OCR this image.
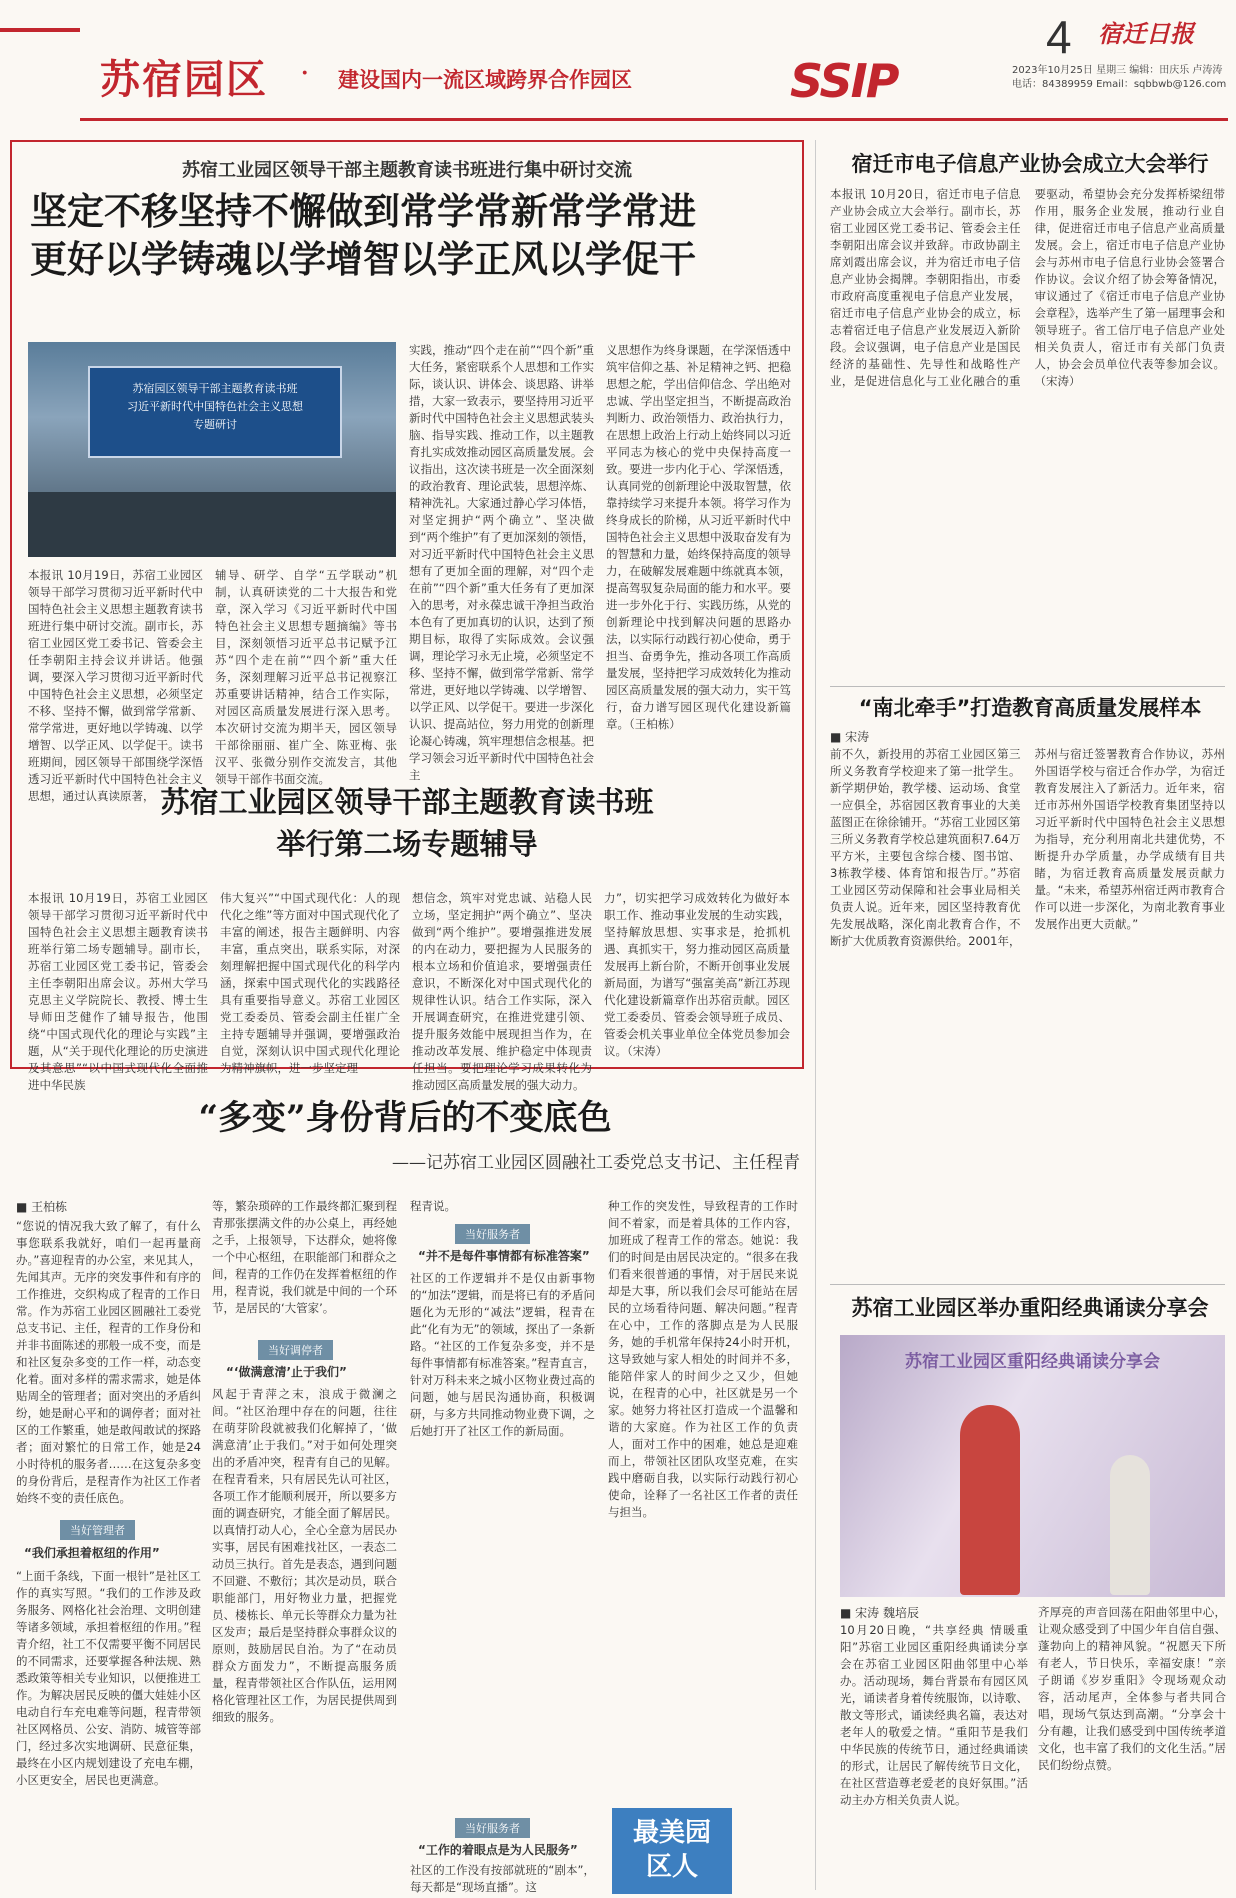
苏宿园区 · 建设国内一流区域跨界合作园区	SSIP
4 宿迁日报
2023年10月25日 星期三 编辑：田庆乐 卢涛涛
电话：84389959 Email：sqbbwb@126.com
苏宿工业园区领导干部主题教育读书班进行集中研讨交流
坚定不移坚持不懈做到常学常新常学常进
更好以学铸魂以学增智以学正风以学促干
苏宿园区领导干部主题教育读书班
习近平新时代中国特色社会主义思想
专题研讨
本报讯 10月19日，苏宿工业园区领导干部学习贯彻习近平新时代中国特色社会主义思想主题教育读书班进行集中研讨交流。副市长，苏宿工业园区党工委书记、管委会主任李朝阳主持会议并讲话。他强调，要深入学习贯彻习近平新时代中国特色社会主义思想，必须坚定不移、坚持不懈，做到常学常新、常学常进，更好地以学铸魂、以学增智、以学正风、以学促干。读书班期间，园区领导干部围绕学深悟透习近平新时代中国特色社会主义思想，通过认真读原著，
辅导、研学、自学“五学联动”机制，认真研读党的二十大报告和党章，深入学习《习近平新时代中国特色社会主义思想专题摘编》等书目，深刻领悟习近平总书记赋予江苏“四个走在前”“四个新”重大任务，深刻理解习近平总书记视察江苏重要讲话精神，结合工作实际，对园区高质量发展进行深入思考。本次研讨交流为期半天，园区领导干部徐丽丽、崔广全、陈亚梅、张汉平、张微分别作交流发言，其他领导干部作书面交流。
实践，推动“四个走在前”“四个新”重大任务，紧密联系个人思想和工作实际，谈认识、讲体会、谈思路、讲举措，大家一致表示，要坚持用习近平新时代中国特色社会主义思想武装头脑、指导实践、推动工作，以主题教育扎实成效推动园区高质量发展。会议指出，这次读书班是一次全面深刻的政治教育、理论武装，思想淬炼、精神洗礼。大家通过静心学习体悟，对坚定拥护“两个确立”、坚决做到“两个维护”有了更加深刻的领悟，对习近平新时代中国特色社会主义思想有了更加全面的理解，对“四个走在前”“四个新”重大任务有了更加深入的思考，对永葆忠诚干净担当政治本色有了更加真切的认识，达到了预期目标，取得了实际成效。会议强调，理论学习永无止境，必须坚定不移、坚持不懈，做到常学常新、常学常进，更好地以学铸魂、以学增智、以学正风、以学促干。要进一步深化认识、提高站位，努力用党的创新理论凝心铸魂，筑牢理想信念根基。把学习领会习近平新时代中国特色社会主
义思想作为终身课题，在学深悟透中筑牢信仰之基、补足精神之钙、把稳思想之舵，学出信仰信念、学出绝对忠诚、学出坚定担当，不断提高政治判断力、政治领悟力、政治执行力，在思想上政治上行动上始终同以习近平同志为核心的党中央保持高度一致。要进一步内化于心、学深悟透，认真同党的创新理论中汲取智慧，依靠持续学习来提升本领。将学习作为终身成长的阶梯，从习近平新时代中国特色社会主义思想中汲取奋发有为的智慧和力量，始终保持高度的领导力，在破解发展难题中练就真本领，提高驾驭复杂局面的能力和水平。要进一步外化于行、实践历练，从党的创新理论中找到解决问题的思路办法，以实际行动践行初心使命，勇于担当、奋勇争先，推动各项工作高质量发展，坚持把学习成效转化为推动园区高质量发展的强大动力，实干笃行，奋力谱写园区现代化建设新篇章。（王柏栋）
苏宿工业园区领导干部主题教育读书班
举行第二场专题辅导
本报讯 10月19日，苏宿工业园区领导干部学习贯彻习近平新时代中国特色社会主义思想主题教育读书班举行第二场专题辅导。副市长，苏宿工业园区党工委书记，管委会主任李朝阳出席会议。苏州大学马克思主义学院院长、教授、博士生导师田芝健作了辅导报告，他围绕“中国式现代化的理论与实践”主题，从“关于现代化理论的历史演进及其意思”“以中国式现代化全面推进中华民族
伟大复兴”“中国式现代化：人的现代化之维”等方面对中国式现代化了丰富的阐述，报告主题鲜明、内容丰富，重点突出，联系实际，对深刻理解把握中国式现代化的科学内涵，探索中国式现代化的实践路径具有重要指导意义。苏宿工业园区党工委委员、管委会副主任崔广全主持专题辅导并强调，要增强政治自觉，深刻认识中国式现代化理论为精神旗帜，进一步坚定理
想信念，筑牢对党忠诚、站稳人民立场，坚定拥护“两个确立”、坚决做到“两个维护”。要增强推进发展的内在动力，要把握为人民服务的根本立场和价值追求，要增强责任意识，不断深化对中国式现代化的规律性认识。结合工作实际，深入开展调查研究，在推进党建引领、提升服务效能中展现担当作为，在推动改革发展、维护稳定中体现责任担当。要把理论学习成果转化为推动园区高质量发展的强大动力。
力”，切实把学习成效转化为做好本职工作、推动事业发展的生动实践，坚持解放思想、实事求是，抢抓机遇、真抓实干，努力推动园区高质量发展再上新台阶，不断开创事业发展新局面，为谱写“强富美高”新江苏现代化建设新篇章作出苏宿贡献。园区党工委委员、管委会领导班子成员、管委会机关事业单位全体党员参加会议。（宋涛）
“多变”身份背后的不变底色
——记苏宿工业园区圆融社工委党总支书记、主任程青
■ 王柏栋
“您说的情况我大致了解了，有什么事您联系我就好，咱们一起再量商办。”喜迎程青的办公室，来见其人，先闻其声。无序的突发事件和有序的工作推进，交织构成了程青的工作日常。作为苏宿工业园区圆融社工委党总支书记、主任，程青的工作身份和并非书面陈述的那般一成不变，而是和社区复杂多变的工作一样，动态变化着。面对多样的需求需求，她是体贴周全的管理者；面对突出的矛盾纠纷，她是耐心平和的调停者；面对社区的工作繁重，她是敢闯敢试的探路者；面对繁忙的日常工作，她是24小时待机的服务者……在这复杂多变的身份背后，是程青作为社区工作者始终不变的责任底色。
当好管理者
“我们承担着枢纽的作用”
“上面千条线，下面一根针”是社区工作的真实写照。“我们的工作涉及政务服务、网格化社会治理、文明创建等诸多领域，承担着枢纽的作用。”程青介绍，社工不仅需要平衡不同居民的不同需求，还要掌握各种法规、熟悉政策等相关专业知识，以便推进工作。为解决居民反映的僵大娃娃小区电动自行车充电难等问题，程青带领社区网格员、公安、消防、城管等部门，经过多次实地调研、民意征集，最终在小区内规划建设了充电车棚，小区更安全，居民也更满意。
等，繁杂琐碎的工作最终都汇聚到程青那张摆满文件的办公桌上，再经她之手，上报领导，下达群众，她将像一个中心枢纽，在职能部门和群众之间，程青的工作仍在发挥着枢纽的作用，程青说，我们就是中间的一个环节，是居民的‘大管家’。
当好调停者
“‘做满意清’止于我们”
风起于青萍之末，浪成于微澜之间。“社区治理中存在的问题，往往在萌芽阶段就被我们化解掉了，‘做满意清’止于我们。”对于如何处理突出的矛盾冲突，程青有自己的见解。在程青看来，只有居民先认可社区，各项工作才能顺利展开，所以要多方面的调查研究，才能全面了解居民。以真情打动人心，全心全意为居民办实事，居民有困难找社区，一表态二动员三执行。首先是表态，遇到问题不回避、不敷衍；其次是动员，联合职能部门，用好物业力量，把握党员、楼栋长、单元长等群众力量为社区发声；最后是坚持群众事群众议的原则，鼓励居民自治。为了“在动员群众方面发力”，不断提高服务质量，程青带领社区合作队伍，运用网格化管理社区工作，为居民提供周到细致的服务。
程青说。
当好服务者
“并不是每件事情都有标准答案”
社区的工作逻辑并不是仅由新事物的“加法”逻辑，而是将已有的矛盾问题化为无形的“减法”逻辑，程青在此“化有为无”的领域，探出了一条新路。“社区的工作复杂多变，并不是每件事情都有标准答案。”程青直言，针对万科未来之城小区物业费过高的问题，她与居民沟通协商，积极调研，与多方共同推动物业费下调，之后她打开了社区工作的新局面。
当好服务者
“工作的着眼点是为人民服务”
社区的工作没有按部就班的“剧本”，每天都是“现场直播”。这
种工作的突发性，导致程青的工作时间不着家，而是着具体的工作内容，加班成了程青工作的常态。她说：我们的时间是由居民决定的。“很多在我们看来很普通的事情，对于居民来说却是大事，所以我们会尽可能站在居民的立场看待问题、解决问题。”程青在心中，工作的落脚点是为人民服务，她的手机常年保持24小时开机，这导致她与家人相处的时间并不多，能陪伴家人的时间少之又少，但她说，在程青的心中，社区就是另一个家。她努力将社区打造成一个温馨和谐的大家庭。作为社区工作的负责人，面对工作中的困难，她总是迎难而上，带领社区团队攻坚克难，在实践中磨砺自我，以实际行动践行初心使命，诠释了一名社区工作者的责任与担当。
最美园区人
宿迁市电子信息产业协会成立大会举行
本报讯 10月20日，宿迁市电子信息产业协会成立大会举行。副市长，苏宿工业园区党工委书记、管委会主任李朝阳出席会议并致辞。市政协副主席刘霞出席会议，并为宿迁市电子信息产业协会揭牌。李朝阳指出，市委市政府高度重视电子信息产业发展，宿迁市电子信息产业协会的成立，标志着宿迁电子信息产业发展迈入新阶段。会议强调，电子信息产业是国民经济的基础性、先导性和战略性产业，是促进信息化与工业化融合的重要驱动，希望协会充分发挥桥梁纽带作用，服务企业发展，推动行业自律，促进宿迁市电子信息产业高质量发展。会上，宿迁市电子信息产业协会与苏州市电子信息行业协会签署合作协议。会议介绍了协会筹备情况，审议通过了《宿迁市电子信息产业协会章程》，选举产生了第一届理事会和领导班子。省工信厅电子信息产业处相关负责人，宿迁市有关部门负责人，协会会员单位代表等参加会议。（宋涛）
“南北牵手”打造教育高质量发展样本
■ 宋涛
前不久，新投用的苏宿工业园区第三所义务教育学校迎来了第一批学生。新学期伊始，教学楼、运动场、食堂一应俱全，苏宿园区教育事业的大美蓝图正在徐徐铺开。“苏宿工业园区第三所义务教育学校总建筑面积7.64万平方米，主要包含综合楼、图书馆、3栋教学楼、体育馆和报告厅。”苏宿工业园区劳动保障和社会事业局相关负责人说。近年来，园区坚持教育优先发展战略，深化南北教育合作，不断扩大优质教育资源供给。2001年，苏州与宿迁签署教育合作协议，苏州外国语学校与宿迁合作办学，为宿迁教育发展注入了新活力。近年来，宿迁市苏州外国语学校教育集团坚持以习近平新时代中国特色社会主义思想为指导，充分利用南北共建优势，不断提升办学质量，办学成绩有目共睹，为宿迁教育高质量发展贡献力量。“未来，希望苏州宿迁两市教育合作可以进一步深化，为南北教育事业发展作出更大贡献。”
苏宿工业园区举办重阳经典诵读分享会
苏宿工业园区重阳经典诵读分享会
■ 宋涛 魏培辰
10月20日晚，“共享经典 情暖重阳”苏宿工业园区重阳经典诵读分享会在苏宿工业园区阳曲邻里中心举办。活动现场，舞台背景布有园区风光，诵读者身着传统服饰，以诗歌、散文等形式，诵读经典名篇，表达对老年人的敬爱之情。“重阳节是我们中华民族的传统节日，通过经典诵读的形式，让居民了解传统节日文化，在社区营造尊老爱老的良好氛围。”活动主办方相关负责人说。
齐厚亮的声音回荡在阳曲邻里中心，让观众感受到了中国少年自信自强、蓬勃向上的精神风貌。“祝愿天下所有老人，节日快乐，幸福安康！”亲子朗诵《岁岁重阳》令现场观众动容，活动尾声，全体参与者共同合唱，现场气氛达到高潮。“分享会十分有趣，让我们感受到中国传统孝道文化，也丰富了我们的文化生活。”居民们纷纷点赞。
